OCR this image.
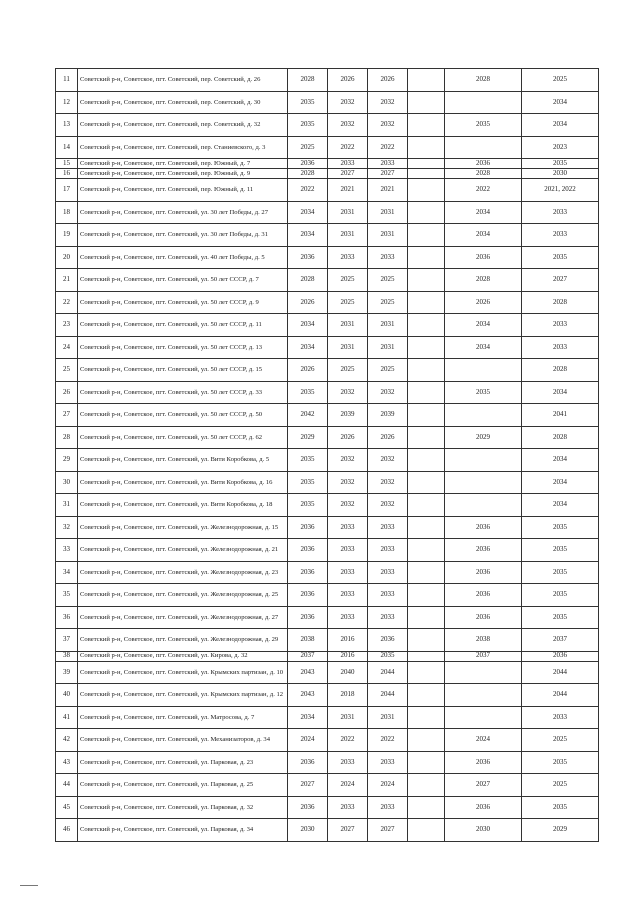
11	Советский р-н, Советское, пгт. Советский, пер. Советский, д. 26	2028	2026	2026		2028	2025
12	Советский р-н, Советское, пгт. Советский, пер. Советский, д. 30	2035	2032	2032			2034
13	Советский р-н, Советское, пгт. Советский, пер. Советский, д. 32	2035	2032	2032		2035	2034
14	Советский р-н, Советское, пгт. Советский, пер. Станиевского, д. 3	2025	2022	2022			2023
15	Советский р-н, Советское, пгт. Советский, пер. Южный, д. 7	2036	2033	2033		2036	2035
16	Советский р-н, Советское, пгт. Советский, пер. Южный, д. 9	2028	2027	2027		2028	2030
17	Советский р-н, Советское, пгт. Советский, пер. Южный, д. 11	2022	2021	2021		2022	2021, 2022
18	Советский р-н, Советское, пгт. Советский, ул. 30 лет Победы, д. 27	2034	2031	2031		2034	2033
19	Советский р-н, Советское, пгт. Советский, ул. 30 лет Победы, д. 31	2034	2031	2031		2034	2033
20	Советский р-н, Советское, пгт. Советский, ул. 40 лет Победы, д. 5	2036	2033	2033		2036	2035
21	Советский р-н, Советское, пгт. Советский, ул. 50 лет СССР, д. 7	2028	2025	2025		2028	2027
22	Советский р-н, Советское, пгт. Советский, ул. 50 лет СССР, д. 9	2026	2025	2025		2026	2028
23	Советский р-н, Советское, пгт. Советский, ул. 50 лет СССР, д. 11	2034	2031	2031		2034	2033
24	Советский р-н, Советское, пгт. Советский, ул. 50 лет СССР, д. 13	2034	2031	2031		2034	2033
25	Советский р-н, Советское, пгт. Советский, ул. 50 лет СССР, д. 15	2026	2025	2025			2028
26	Советский р-н, Советское, пгт. Советский, ул. 50 лет СССР, д. 33	2035	2032	2032		2035	2034
27	Советский р-н, Советское, пгт. Советский, ул. 50 лет СССР, д. 50	2042	2039	2039			2041
28	Советский р-н, Советское, пгт. Советский, ул. 50 лет СССР, д. 62	2029	2026	2026		2029	2028
29	Советский р-н, Советское, пгт. Советский, ул. Вити Коробкова, д. 5	2035	2032	2032			2034
30	Советский р-н, Советское, пгт. Советский, ул. Вити Коробкова, д. 16	2035	2032	2032			2034
31	Советский р-н, Советское, пгт. Советский, ул. Вити Коробкова, д. 18	2035	2032	2032			2034
32	Советский р-н, Советское, пгт. Советский, ул. Железнодорожная, д. 15	2036	2033	2033		2036	2035
33	Советский р-н, Советское, пгт. Советский, ул. Железнодорожная, д. 21	2036	2033	2033		2036	2035
34	Советский р-н, Советское, пгт. Советский, ул. Железнодорожная, д. 23	2036	2033	2033		2036	2035
35	Советский р-н, Советское, пгт. Советский, ул. Железнодорожная, д. 25	2036	2033	2033		2036	2035
36	Советский р-н, Советское, пгт. Советский, ул. Железнодорожная, д. 27	2036	2033	2033		2036	2035
37	Советский р-н, Советское, пгт. Советский, ул. Железнодорожная, д. 29	2038	2016	2036		2038	2037
38	Советский р-н, Советское, пгт. Советский, ул. Кирова, д. 32	2037	2016	2035		2037	2036
39	Советский р-н, Советское, пгт. Советский, ул. Крымских партизан, д. 10	2043	2040	2044			2044
40	Советский р-н, Советское, пгт. Советский, ул. Крымских партизан, д. 12	2043	2018	2044			2044
41	Советский р-н, Советское, пгт. Советский, ул. Матросова, д. 7	2034	2031	2031			2033
42	Советский р-н, Советское, пгт. Советский, ул. Механизаторов, д. 34	2024	2022	2022		2024	2025
43	Советский р-н, Советское, пгт. Советский, ул. Парковая, д. 23	2036	2033	2033		2036	2035
44	Советский р-н, Советское, пгт. Советский, ул. Парковая, д. 25	2027	2024	2024		2027	2025
45	Советский р-н, Советское, пгт. Советский, ул. Парковая, д. 32	2036	2033	2033		2036	2035
46	Советский р-н, Советское, пгт. Советский, ул. Парковая, д. 34	2030	2027	2027		2030	2029
